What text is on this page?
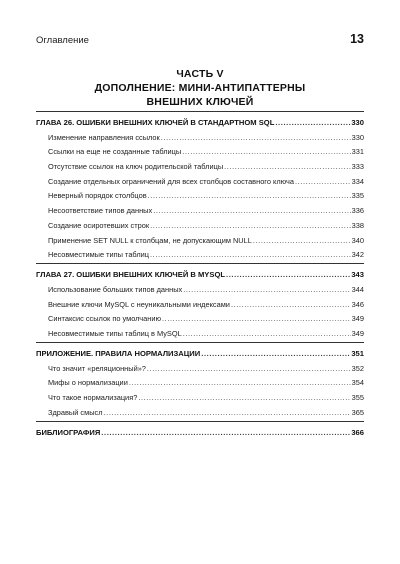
Оглавление	13
ЧАСТЬ V
ДОПОЛНЕНИЕ: МИНИ-АНТИПАТТЕРНЫ
ВНЕШНИХ КЛЮЧЕЙ
ГЛАВА 26. ОШИБКИ ВНЕШНИХ КЛЮЧЕЙ В СТАНДАРТНОМ SQL .....	330
Изменение направления ссылок .....	330
Ссылки на еще не созданные таблицы .....	331
Отсутствие ссылок на ключ родительской таблицы .....	333
Создание отдельных ограничений для всех столбцов составного ключа .....	334
Неверный порядок столбцов .....	335
Несоответствие типов данных .....	336
Создание осиротевших строк .....	338
Применение SET NULL к столбцам, не допускающим NULL .....	340
Несовместимые типы таблиц .....	342
ГЛАВА 27. ОШИБКИ ВНЕШНИХ КЛЮЧЕЙ В MYSQL .....	343
Использование больших типов данных .....	344
Внешние ключи MySQL с неуникальными индексами .....	346
Синтаксис ссылок по умолчанию .....	349
Несовместимые типы таблиц в MySQL .....	349
ПРИЛОЖЕНИЕ. ПРАВИЛА НОРМАЛИЗАЦИИ .....	351
Что значит «реляционный»? .....	352
Мифы о нормализации .....	354
Что такое нормализация? .....	355
Здравый смысл .....	365
БИБЛИОГРАФИЯ .....	366
